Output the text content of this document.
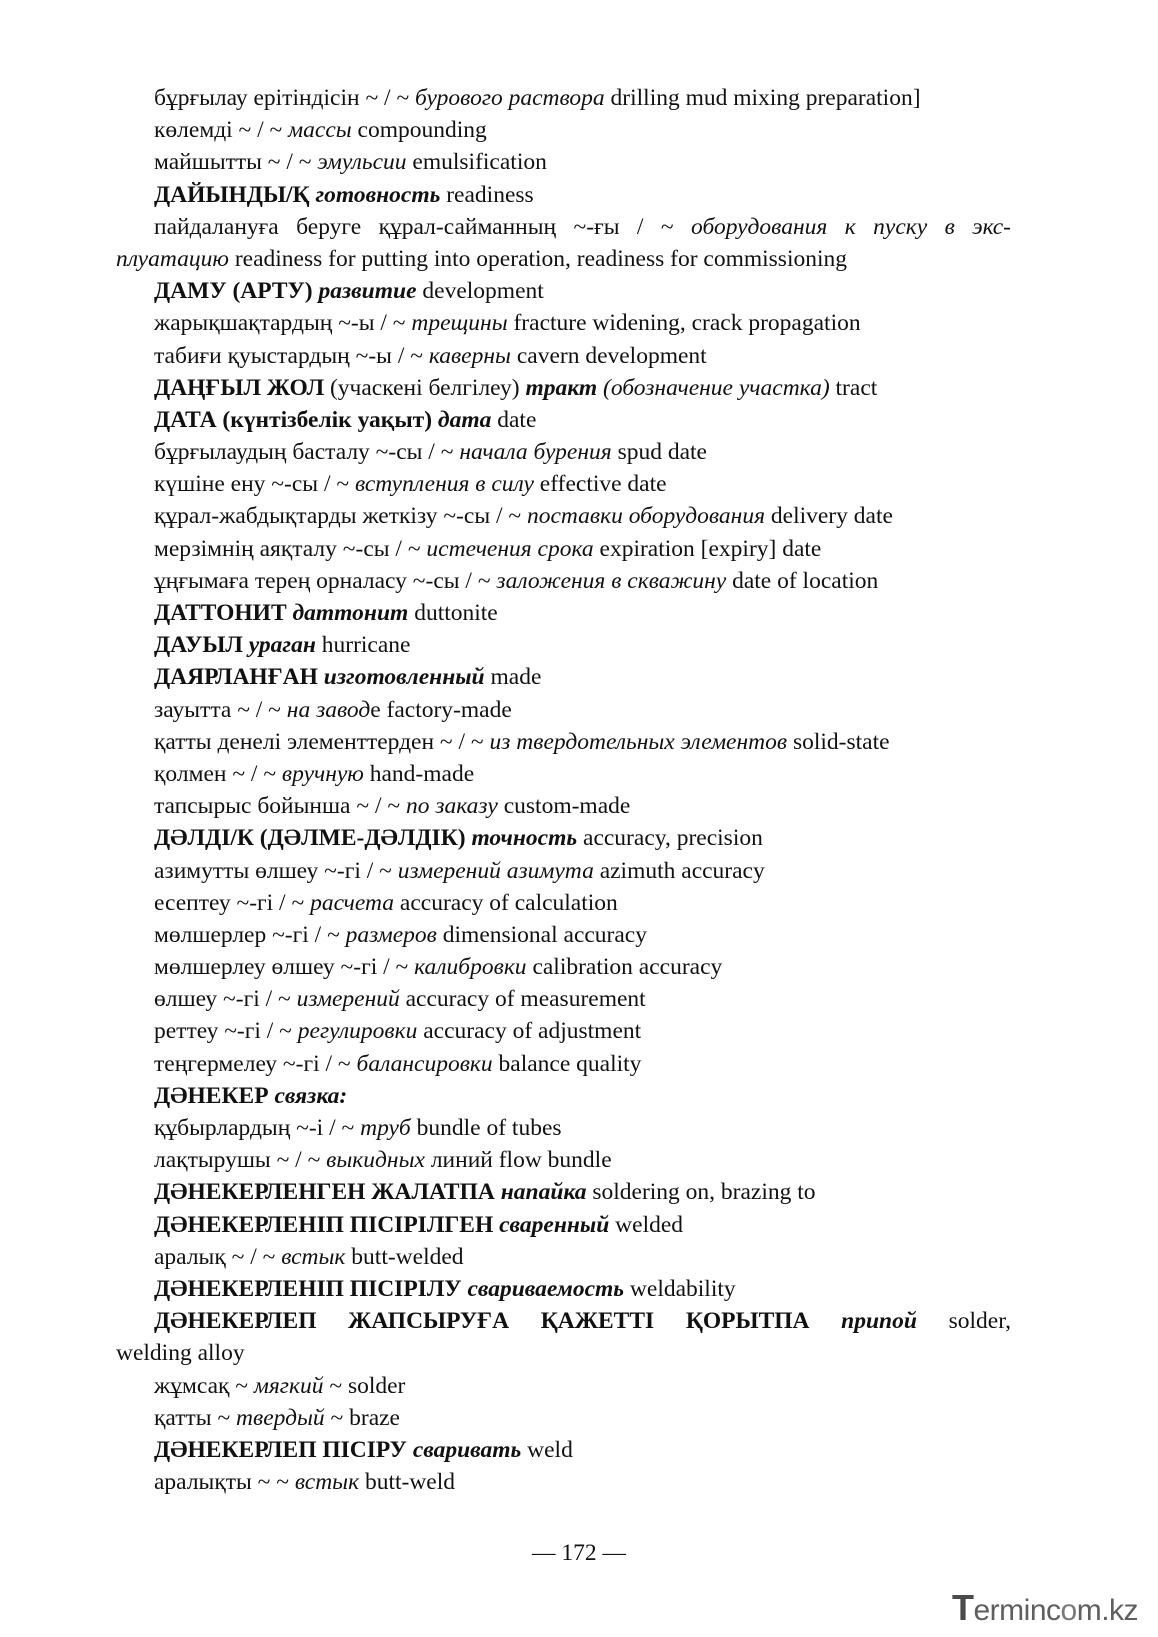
бұрғылау ерітіндісін ~ / ~ бурового раствора drilling mud mixing preparation]
көлемді ~ / ~ массы compounding
майшытты ~ / ~ эмульсии emulsification
ДАЙЫНДЫ/Қ готовность readiness
пайдалануға беруге құрал-сайманның ~-ғы / ~ оборудования к пуску в экс-
плуатацию readiness for putting into operation, readiness for commissioning
ДАМУ (АРТУ) развитие development
жарықшақтардың ~-ы / ~ трещины fracture widening, crack propagation
табиғи қуыстардың ~-ы / ~ каверны cavern development
ДАҢҒЫЛ ЖОЛ (учаскені белгілеу) тракт (обозначение участка) tract
ДАТА (күнтізбелік уақыт) дата date
бұрғылаудың басталу ~-сы / ~ начала бурения spud date
күшіне ену ~-сы / ~ вступления в силу effective date
құрал-жабдықтарды жеткізу ~-сы / ~ поставки оборудования delivery date
мерзімнің аяқталу ~-сы / ~ истечения срока expiration [expiry] date
ұңғымаға терең орналасу ~-сы / ~ заложения в скважину date of location
ДАТТОНИТ даттонит duttonite
ДАУЫЛ ураган hurricane
ДАЯРЛАНҒАН изготовленный made
зауытта ~ / ~ на заводе factory-made
қатты денелі элементтерден ~ / ~ из твердотельных элементов solid-state
қолмен ~ / ~ вручную hand-made
тапсырыс бойынша ~ / ~ по заказу custom-made
ДӘЛДІ/К (ДӘЛМЕ-ДӘЛДІК) точность accuracy, precision
азимутты өлшеу ~-гі / ~ измерений азимута azimuth accuracy
есептеу ~-гі / ~ расчета accuracy of calculation
мөлшерлер ~-гі / ~ размеров dimensional accuracy
мөлшерлеу өлшеу ~-гі / ~ калибровки calibration accuracy
өлшеу ~-гі / ~ измерений accuracy of measurement
реттеу ~-гі / ~ регулировки accuracy of adjustment
теңгермелеу ~-гі / ~ балансировки balance quality
ДӘНЕКЕР связка:
құбырлардың ~-і / ~ труб bundle of tubes
лақтырушы ~ / ~ выкидных линий flow bundle
ДӘНЕКЕРЛЕНГЕН ЖАЛАТПА напайка soldering on, brazing to
ДӘНЕКЕРЛЕНІП ПІСІРІЛГЕН сваренный welded
аралық ~ / ~ встык butt-welded
ДӘНЕКЕРЛЕНІП ПІСІРІЛУ свариваемость weldability
ДӘНЕКЕРЛЕП ЖАПСЫРУҒА ҚАЖЕТТІ ҚОРЫТПА припой solder,
welding alloy
жұмсақ ~ мягкий ~ solder
қатты ~ твердый ~ braze
ДӘНЕКЕРЛЕП ПІСІРУ сваривать weld
аралықты ~ ~ встык butt-weld
— 172 —
Termincom.kz
